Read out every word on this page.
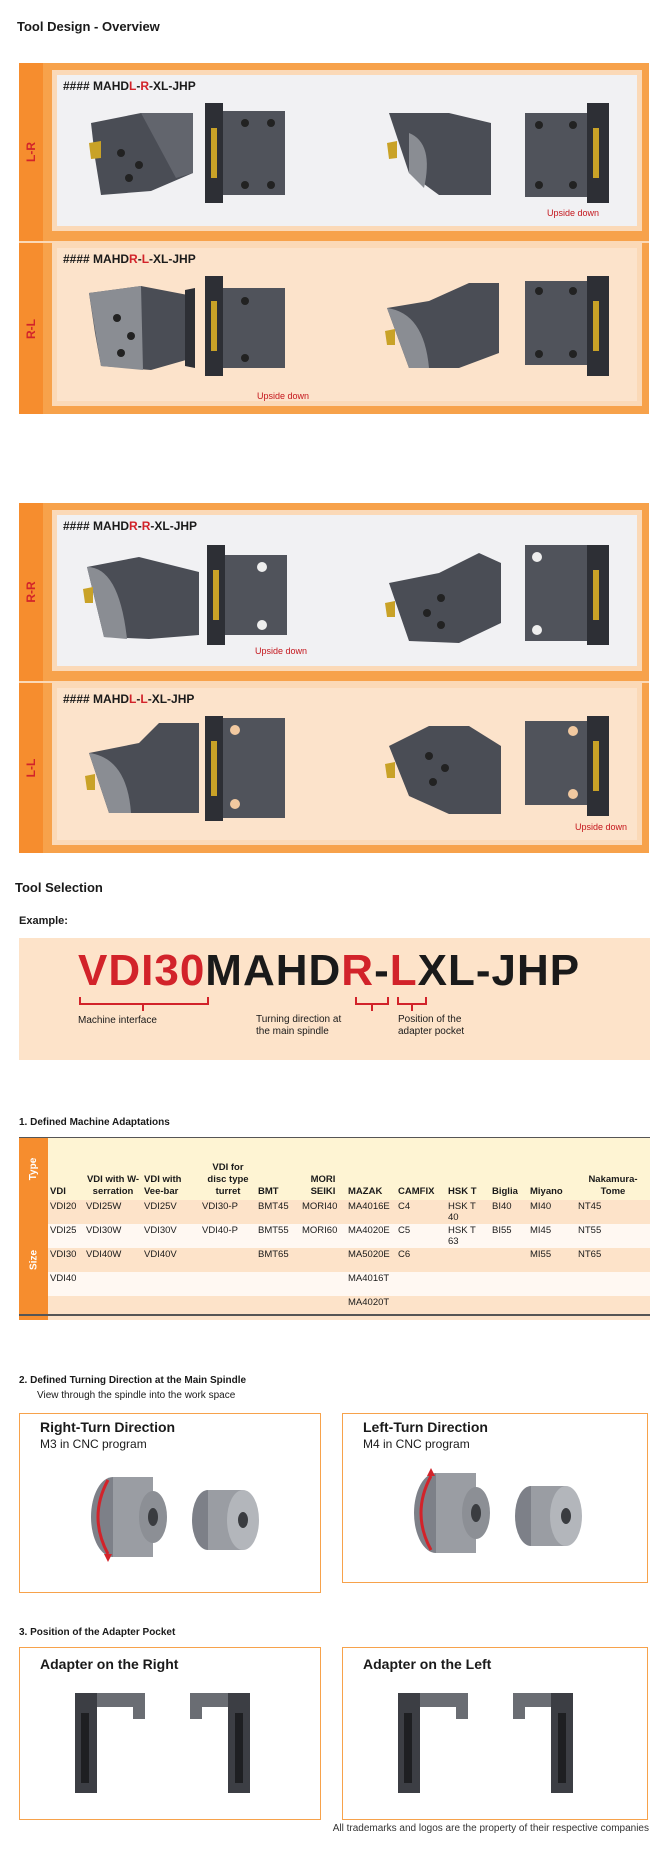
Tool Design - Overview
L-R
#### MAHDL-R-XL-JHP
Upside down
R-L
#### MAHDR-L-XL-JHP
Upside down
R-R
#### MAHDR-R-XL-JHP
Upside down
L-L
#### MAHDL-L-XL-JHP
Upside down
Tool Selection
Example:
VDI30MAHDR-LXL-JHP
Machine interface	Turning direction at
the main spindle
Position of the
adapter pocket
1. Defined Machine Adaptations
Type	VDI	VDI with W-serration	VDI with Vee-bar	VDI for disc type turret	BMT	MORI SEIKI	MAZAK	CAMFIX	HSK T	Biglia	Miyano	Nakamura-Tome

Size	VDI20	VDI25W	VDI25V	VDI30-P	BMT45	MORI40	MA4016E	C4	HSK T 40	BI40	MI40	NT45
	VDI25	VDI30W	VDI30V	VDI40-P	BMT55	MORI60	MA4020E	C5	HSK T 63	BI55	MI45	NT55
	VDI30	VDI40W	VDI40V		BMT65		MA5020E	C6			MI55	NT65
	VDI40						MA4016T					
							MA4020T					
2. Defined Turning Direction at the Main Spindle
View through the spindle into the work space
Right-Turn Direction
M3 in CNC program
Left-Turn Direction
M4 in CNC program
3. Position of the Adapter Pocket
Adapter on the Right	Adapter on the Left
All trademarks and logos are the property of their respective companies
